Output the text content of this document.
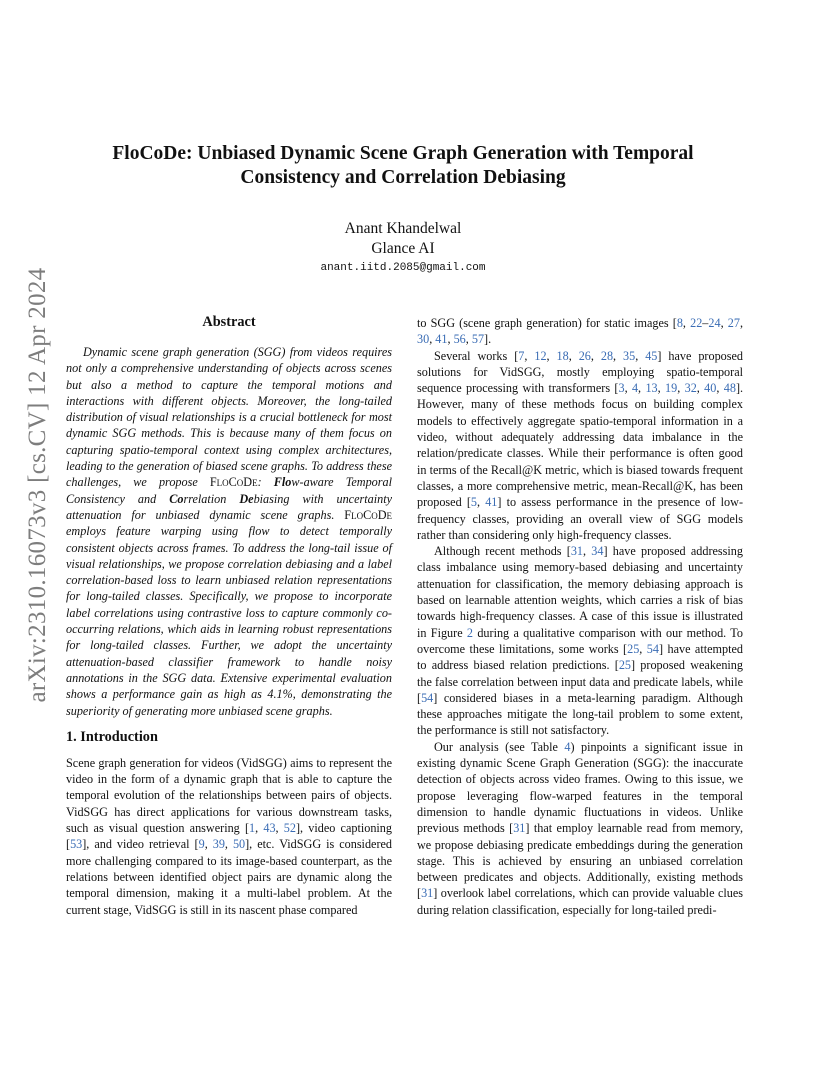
arXiv:2310.16073v3 [cs.CV] 12 Apr 2024
FloCoDe: Unbiased Dynamic Scene Graph Generation with Temporal
Consistency and Correlation Debiasing
Anant Khandelwal
Glance AI
anant.iitd.2085@gmail.com
Abstract

Dynamic scene graph generation (SGG) from videos requires not only a comprehensive understanding of objects across scenes but also a method to capture the temporal motions and interactions with different objects. Moreover, the long-tailed distribution of visual relationships is a crucial bottleneck for most dynamic SGG methods. This is because many of them focus on capturing spatio-temporal context using complex architectures, leading to the generation of biased scene graphs. To address these challenges, we propose FloCoDe: Flow-aware Temporal Consistency and Correlation Debiasing with uncertainty attenuation for unbiased dynamic scene graphs. FloCoDe employs feature warping using flow to detect temporally consistent objects across frames. To address the long-tail issue of visual relationships, we propose correlation debiasing and a label correlation-based loss to learn unbiased relation representations for long-tailed classes. Specifically, we propose to incorporate label correlations using contrastive loss to capture commonly co-occurring relations, which aids in learning robust representations for long-tailed classes. Further, we adopt the uncertainty attenuation-based classifier framework to handle noisy annotations in the SGG data. Extensive experimental evaluation shows a performance gain as high as 4.1%, demonstrating the superiority of generating more unbiased scene graphs.

1. Introduction

Scene graph generation for videos (VidSGG) aims to represent the video in the form of a dynamic graph that is able to capture the temporal evolution of the relationships between pairs of objects. VidSGG has direct applications for various downstream tasks, such as visual question answering [1, 43, 52], video captioning [53], and video retrieval [9, 39, 50], etc. VidSGG is considered more challenging compared to its image-based counterpart, as the relations between identified object pairs are dynamic along the temporal dimension, making it a multi-label problem. At the current stage, VidSGG is still in its nascent phase compared

to SGG (scene graph generation) for static images [8, 22–24, 27, 30, 41, 56, 57].

Several works [7, 12, 18, 26, 28, 35, 45] have proposed solutions for VidSGG, mostly employing spatio-temporal sequence processing with transformers [3, 4, 13, 19, 32, 40, 48]. However, many of these methods focus on building complex models to effectively aggregate spatio-temporal information in a video, without adequately addressing data imbalance in the relation/predicate classes. While their performance is often good in terms of the Recall@K metric, which is biased towards frequent classes, a more comprehensive metric, mean-Recall@K, has been proposed [5, 41] to assess performance in the presence of low-frequency classes, providing an overall view of SGG models rather than considering only high-frequency classes.

Although recent methods [31, 34] have proposed addressing class imbalance using memory-based debiasing and uncertainty attenuation for classification, the memory debiasing approach is based on learnable attention weights, which carries a risk of bias towards high-frequency classes. A case of this issue is illustrated in Figure 2 during a qualitative comparison with our method. To overcome these limitations, some works [25, 54] have attempted to address biased relation predictions. [25] proposed weakening the false correlation between input data and predicate labels, while [54] considered biases in a meta-learning paradigm. Although these approaches mitigate the long-tail problem to some extent, the performance is still not satisfactory.

Our analysis (see Table 4) pinpoints a significant issue in existing dynamic Scene Graph Generation (SGG): the inaccurate detection of objects across video frames. Owing to this issue, we propose leveraging flow-warped features in the temporal dimension to handle dynamic fluctuations in videos. Unlike previous methods [31] that employ learnable read from memory, we propose debiasing predicate embeddings during the generation stage. This is achieved by ensuring an unbiased correlation between predicates and objects. Additionally, existing methods [31] overlook label correlations, which can provide valuable clues during relation classification, especially for long-tailed predi-
